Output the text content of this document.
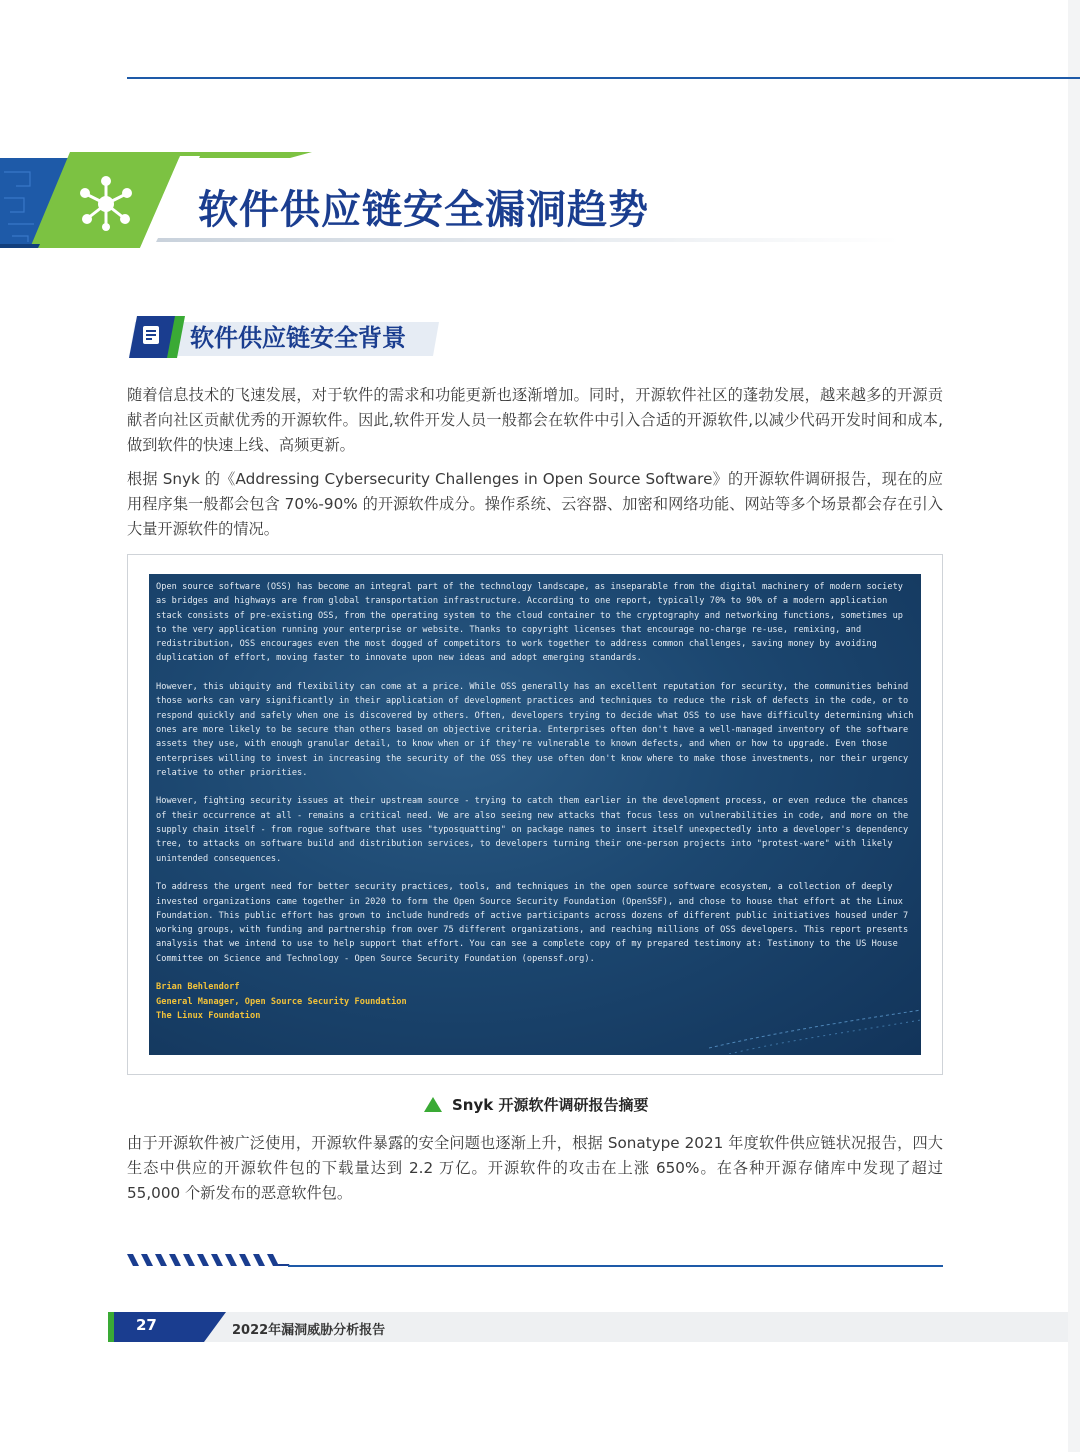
软件供应链安全漏洞趋势
软件供应链安全背景

随着信息技术的飞速发展，对于软件的需求和功能更新也逐渐增加。同时，开源软件社区的蓬勃发展，越来越多的开源贡献者向社区贡献优秀的开源软件。因此,软件开发人员一般都会在软件中引入合适的开源软件,以减少代码开发时间和成本,做到软件的快速上线、高频更新。

根据 Snyk 的《Addressing Cybersecurity Challenges in Open Source Software》的开源软件调研报告，现在的应用程序集一般都会包含 70%-90% 的开源软件成分。操作系统、云容器、加密和网络功能、网站等多个场景都会存在引入大量开源软件的情况。

Open source software (OSS) has become an integral part of the technology landscape, as inseparable from the digital machinery of modern society as bridges and highways are from global transportation infrastructure. According to one report, typically 70% to 90% of a modern application stack consists of pre-existing OSS, from the operating system to the cloud container to the cryptography and networking functions, sometimes up to the very application running your enterprise or website. Thanks to copyright licenses that encourage no-charge re-use, remixing, and redistribution, OSS encourages even the most dogged of competitors to work together to address common challenges, saving money by avoiding duplication of effort, moving faster to innovate upon new ideas and adopt emerging standards.

However, this ubiquity and flexibility can come at a price. While OSS generally has an excellent reputation for security, the communities behind those works can vary significantly in their application of development practices and techniques to reduce the risk of defects in the code, or to respond quickly and safely when one is discovered by others. Often, developers trying to decide what OSS to use have difficulty determining which ones are more likely to be secure than others based on objective criteria. Enterprises often don't have a well-managed inventory of the software assets they use, with enough granular detail, to know when or if they're vulnerable to known defects, and when or how to upgrade. Even those enterprises willing to invest in increasing the security of the OSS they use often don't know where to make those investments, nor their urgency relative to other priorities.

However, fighting security issues at their upstream source - trying to catch them earlier in the development process, or even reduce the chances of their occurrence at all - remains a critical need. We are also seeing new attacks that focus less on vulnerabilities in code, and more on the supply chain itself - from rogue software that uses "typosquatting" on package names to insert itself unexpectedly into a developer's dependency tree, to attacks on software build and distribution services, to developers turning their one-person projects into "protest-ware" with likely unintended consequences.

To address the urgent need for better security practices, tools, and techniques in the open source software ecosystem, a collection of deeply invested organizations came together in 2020 to form the Open Source Security Foundation (OpenSSF), and chose to house that effort at the Linux Foundation. This public effort has grown to include hundreds of active participants across dozens of different public initiatives housed under 7 working groups, with funding and partnership from over 75 different organizations, and reaching millions of OSS developers. This report presents analysis that we intend to use to help support that effort. You can see a complete copy of my prepared testimony at: Testimony to the US House Committee on Science and Technology - Open Source Security Foundation (openssf.org).

Brian Behlendorf

General Manager, Open Source Security Foundation

The Linux Foundation

Snyk 开源软件调研报告摘要

由于开源软件被广泛使用，开源软件暴露的安全问题也逐渐上升，根据 Sonatype 2021 年度软件供应链状况报告，四大生态中供应的开源软件包的下载量达到 2.2 万亿。开源软件的攻击在上涨 650%。在各种开源存储库中发现了超过 55,000 个新发布的恶意软件包。

27	2022年漏洞威胁分析报告
